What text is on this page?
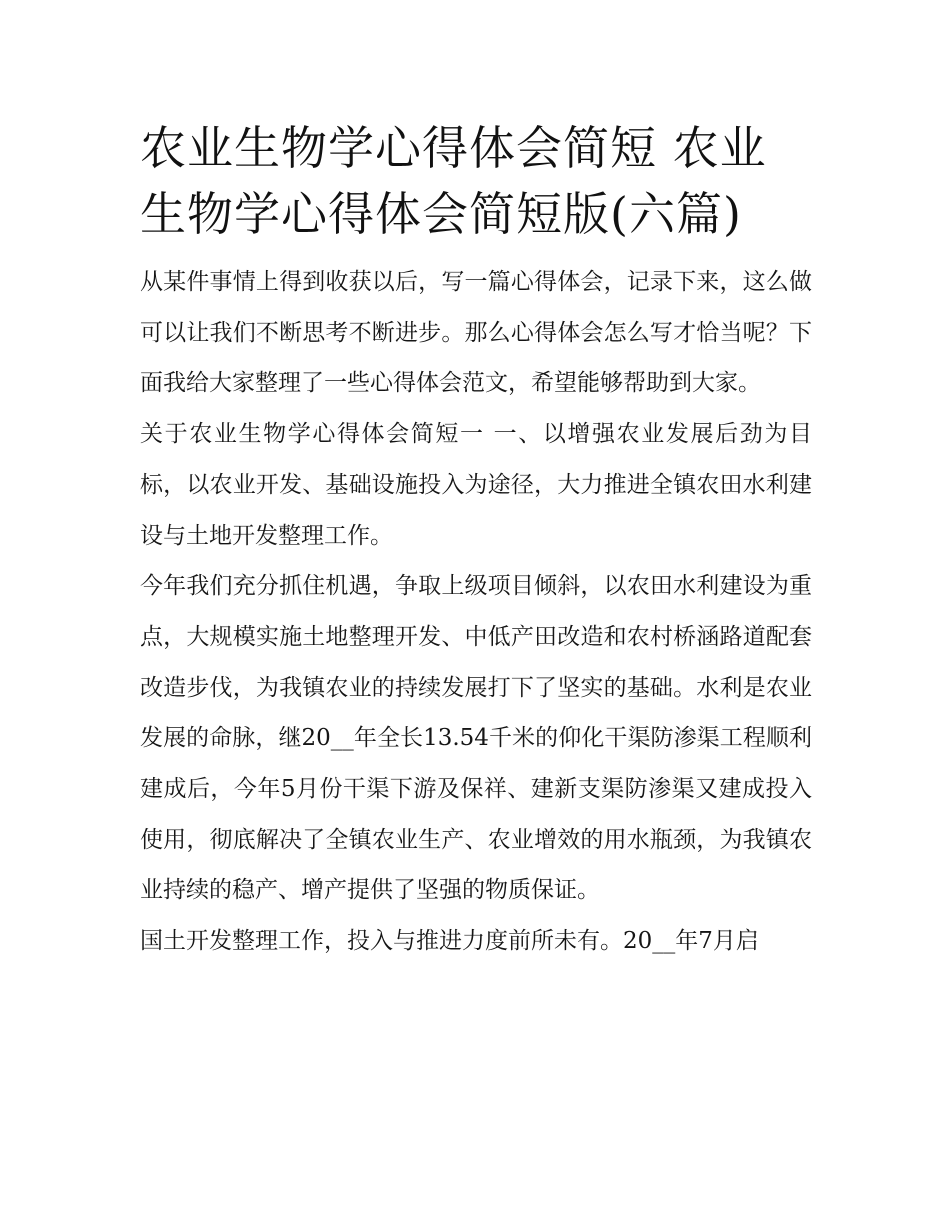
农业生物学心得体会简短 农业生物学心得体会简短版(六篇)

从某件事情上得到收获以后，写一篇心得体会，记录下来，这么做可以让我们不断思考不断进步。那么心得体会怎么写才恰当呢？下面我给大家整理了一些心得体会范文，希望能够帮助到大家。

关于农业生物学心得体会简短一 一、以增强农业发展后劲为目标，以农业开发、基础设施投入为途径，大力推进全镇农田水利建设与土地开发整理工作。

今年我们充分抓住机遇，争取上级项目倾斜，以农田水利建设为重点，大规模实施土地整理开发、中低产田改造和农村桥涵路道配套改造步伐，为我镇农业的持续发展打下了坚实的基础。水利是农业发展的命脉，继20__年全长13.54千米的仰化干渠防渗渠工程顺利建成后，今年5月份干渠下游及保祥、建新支渠防渗渠又建成投入使用，彻底解决了全镇农业生产、农业增效的用水瓶颈，为我镇农业持续的稳产、增产提供了坚强的物质保证。

国土开发整理工作，投入与推进力度前所未有。20__年7月启
